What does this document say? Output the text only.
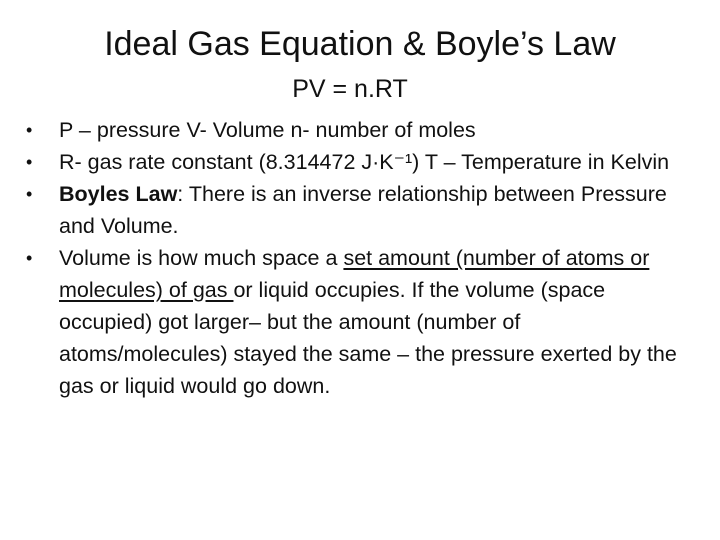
Ideal Gas Equation & Boyle’s Law
PV = n.RT
•	P – pressure V- Volume n- number of moles
•	R- gas rate constant (8.314472 J·K⁻¹) T – Temperature in Kelvin
•	Boyles Law: There is an inverse relationship between Pressure and Volume.
•	Volume is how much space a set amount (number of atoms or molecules) of gas or liquid occupies. If the volume (space occupied) got larger– but the amount (number of atoms/molecules) stayed the same – the pressure exerted by the gas or liquid would go down.
